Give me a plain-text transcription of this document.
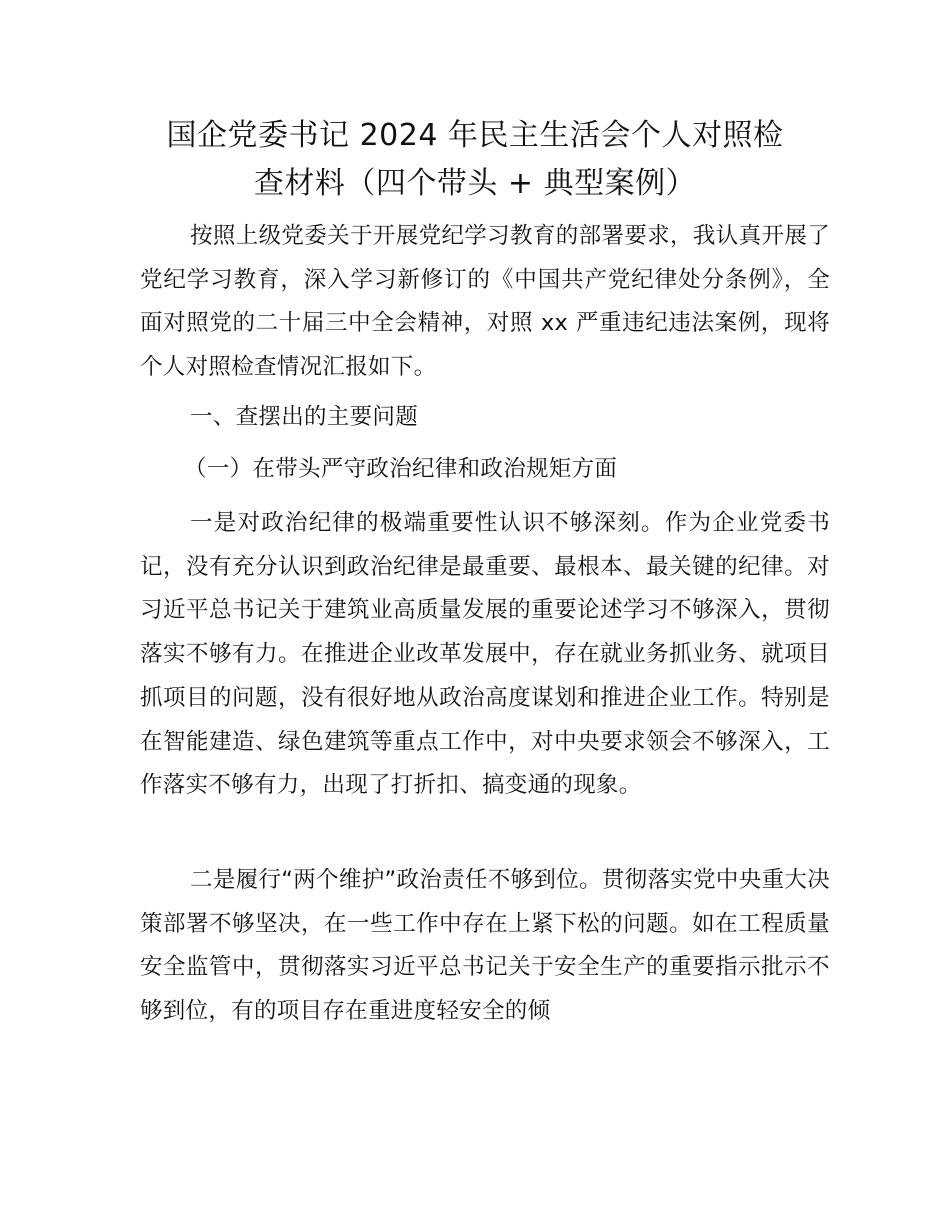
国企党委书记 2024 年民主生活会个人对照检
查材料（四个带头 + 典型案例）

按照上级党委关于开展党纪学习教育的部署要求，我认真开展了党纪学习教育，深入学习新修订的《中国共产党纪律处分条例》，全面对照党的二十届三中全会精神，对照 xx 严重违纪违法案例，现将个人对照检查情况汇报如下。

一、查摆出的主要问题

（一）在带头严守政治纪律和政治规矩方面

一是对政治纪律的极端重要性认识不够深刻。作为企业党委书记，没有充分认识到政治纪律是最重要、最根本、最关键的纪律。对习近平总书记关于建筑业高质量发展的重要论述学习不够深入，贯彻落实不够有力。在推进企业改革发展中，存在就业务抓业务、就项目抓项目的问题，没有很好地从政治高度谋划和推进企业工作。特别是在智能建造、绿色建筑等重点工作中，对中央要求领会不够深入，工作落实不够有力，出现了打折扣、搞变通的现象。

二是履行“两个维护”政治责任不够到位。贯彻落实党中央重大决策部署不够坚决，在一些工作中存在上紧下松的问题。如在工程质量安全监管中，贯彻落实习近平总书记关于安全生产的重要指示批示不够到位，有的项目存在重进度轻安全的倾
